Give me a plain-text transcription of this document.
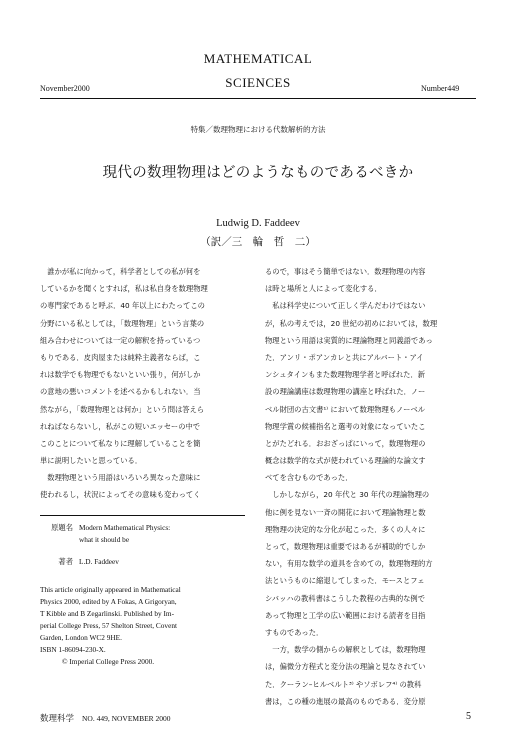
MATHEMATICAL
SCIENCES
November2000	Number449
特集／数理物理における代数解析的方法
現代の数理物理はどのようなものであるべきか
Ludwig D. Faddeev
（訳／三　輪　哲　二）
　誰かが私に向かって，科学者としての私が何を
しているかを聞くとすれば，私は私自身を数理物理
の専門家であると呼ぶ．40 年以上にわたってこの
分野にいる私としては，「数理物理」という言葉の
組み合わせについては一定の解釈を持っているつ
もりである．皮肉屋または純粋主義者ならば，こ
れは数学でも物理でもないといい張り，何がしか
の意地の悪いコメントを述べるかもしれない．当
然ながら，「数理物理とは何か」という問は答えら
れねばならないし，私がこの短いエッセーの中で
このことについて私なりに理解していることを簡
単に説明したいと思っている．
　数理物理という用語はいろいろ異なった意味に
使われるし，状況によってその意味も変わってく
原題名 Modern Mathematical Physics:
what it should be
著者 L.D. Faddeev
This article originally appeared in Mathematical
Physics 2000, edited by A Fokas, A Grigoryan,
T Kibble and B Zegarlinski. Published by Im-
perial College Press, 57 Shelton Street, Covent
Garden, London WC2 9HE.
ISBN 1-86094-230-X.
© Imperial College Press 2000.
るので，事はそう簡単ではない．数理物理の内容
は時と場所と人によって変化する．
　私は科学史について正しく学んだわけではない
が，私の考えでは，20 世紀の初めにおいては，数理
物理という用語は実質的に理論物理と同義語であっ
た．アンリ・ポアンカレと共にアルバート・アイ
ンシュタインもまた数理物理学者と呼ばれた．新
設の理論講座は数理物理の講座と呼ばれた．ノー
ベル財団の古文書¹⁾ において数理物理もノーベル
物理学賞の候補指名と選考の対象になっていたこ
とがたどれる．おおざっぱにいって，数理物理の
概念は数学的な式が使われている理論的な論文す
べてを含むものであった．
　しかしながら，20 年代と 30 年代の理論物理の
他に例を見ない一斉の開花において理論物理と数
理物理の決定的な分化が起こった．多くの人々に
とって，数理物理は重要ではあるが補助的でしか
ない，有用な数学の道具を含めての，数理物理的方
法というものに縮退してしまった．モースとフェ
シバッハの教科書はこうした教程の古典的な例で
あって物理と工学の広い範囲における読者を目指
すものであった．
　一方，数学の側からの解釈としては，数理物理
は，偏微分方程式と変分法の理論と見なされてい
た．クーラン–ヒルベルト³⁾ やソボレフ⁴⁾ の教科
書は，この種の進展の最高のものである．変分原
数理科学 NO. 449, NOVEMBER 2000	5
